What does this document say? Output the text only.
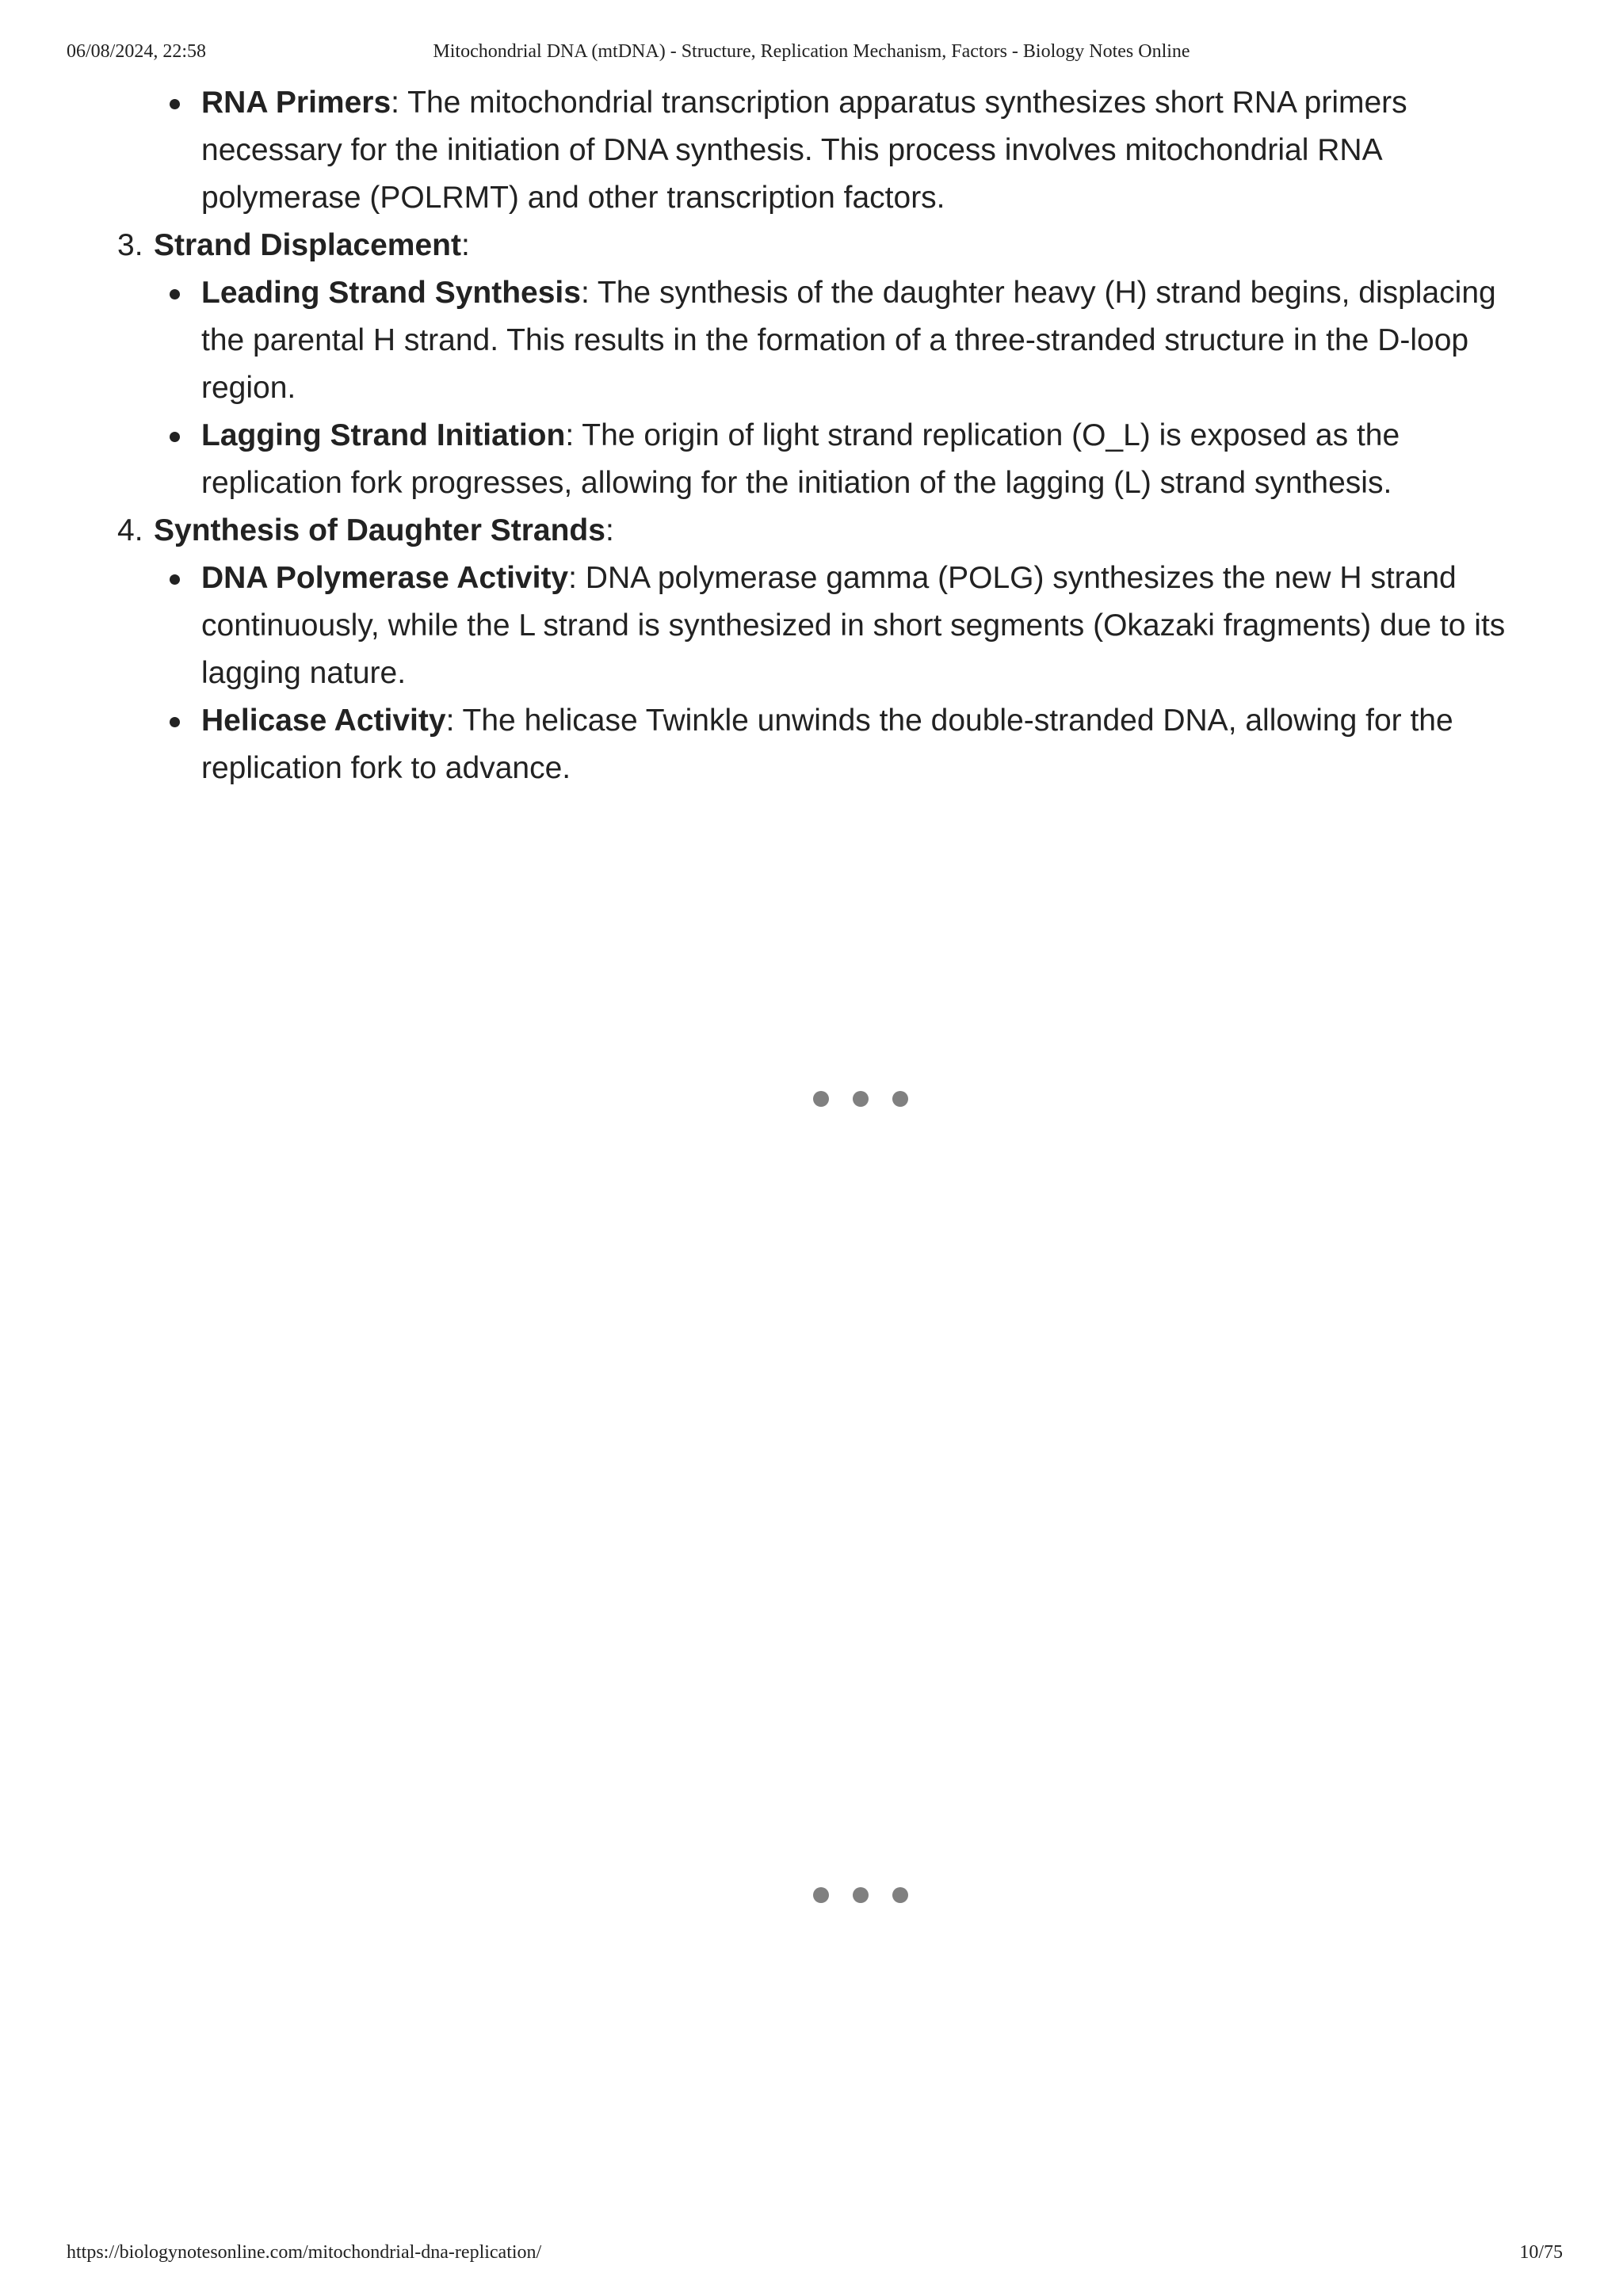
06/08/2024, 22:58	Mitochondrial DNA (mtDNA) - Structure, Replication Mechanism, Factors - Biology Notes Online
RNA Primers: The mitochondrial transcription apparatus synthesizes short RNA primers necessary for the initiation of DNA synthesis. This process involves mitochondrial RNA polymerase (POLRMT) and other transcription factors.
3. Strand Displacement:
Leading Strand Synthesis: The synthesis of the daughter heavy (H) strand begins, displacing the parental H strand. This results in the formation of a three-stranded structure in the D-loop region.
Lagging Strand Initiation: The origin of light strand replication (O_L) is exposed as the replication fork progresses, allowing for the initiation of the lagging (L) strand synthesis.
4. Synthesis of Daughter Strands:
DNA Polymerase Activity: DNA polymerase gamma (POLG) synthesizes the new H strand continuously, while the L strand is synthesized in short segments (Okazaki fragments) due to its lagging nature.
Helicase Activity: The helicase Twinkle unwinds the double-stranded DNA, allowing for the replication fork to advance.
https://biologynotesonline.com/mitochondrial-dna-replication/	10/75
